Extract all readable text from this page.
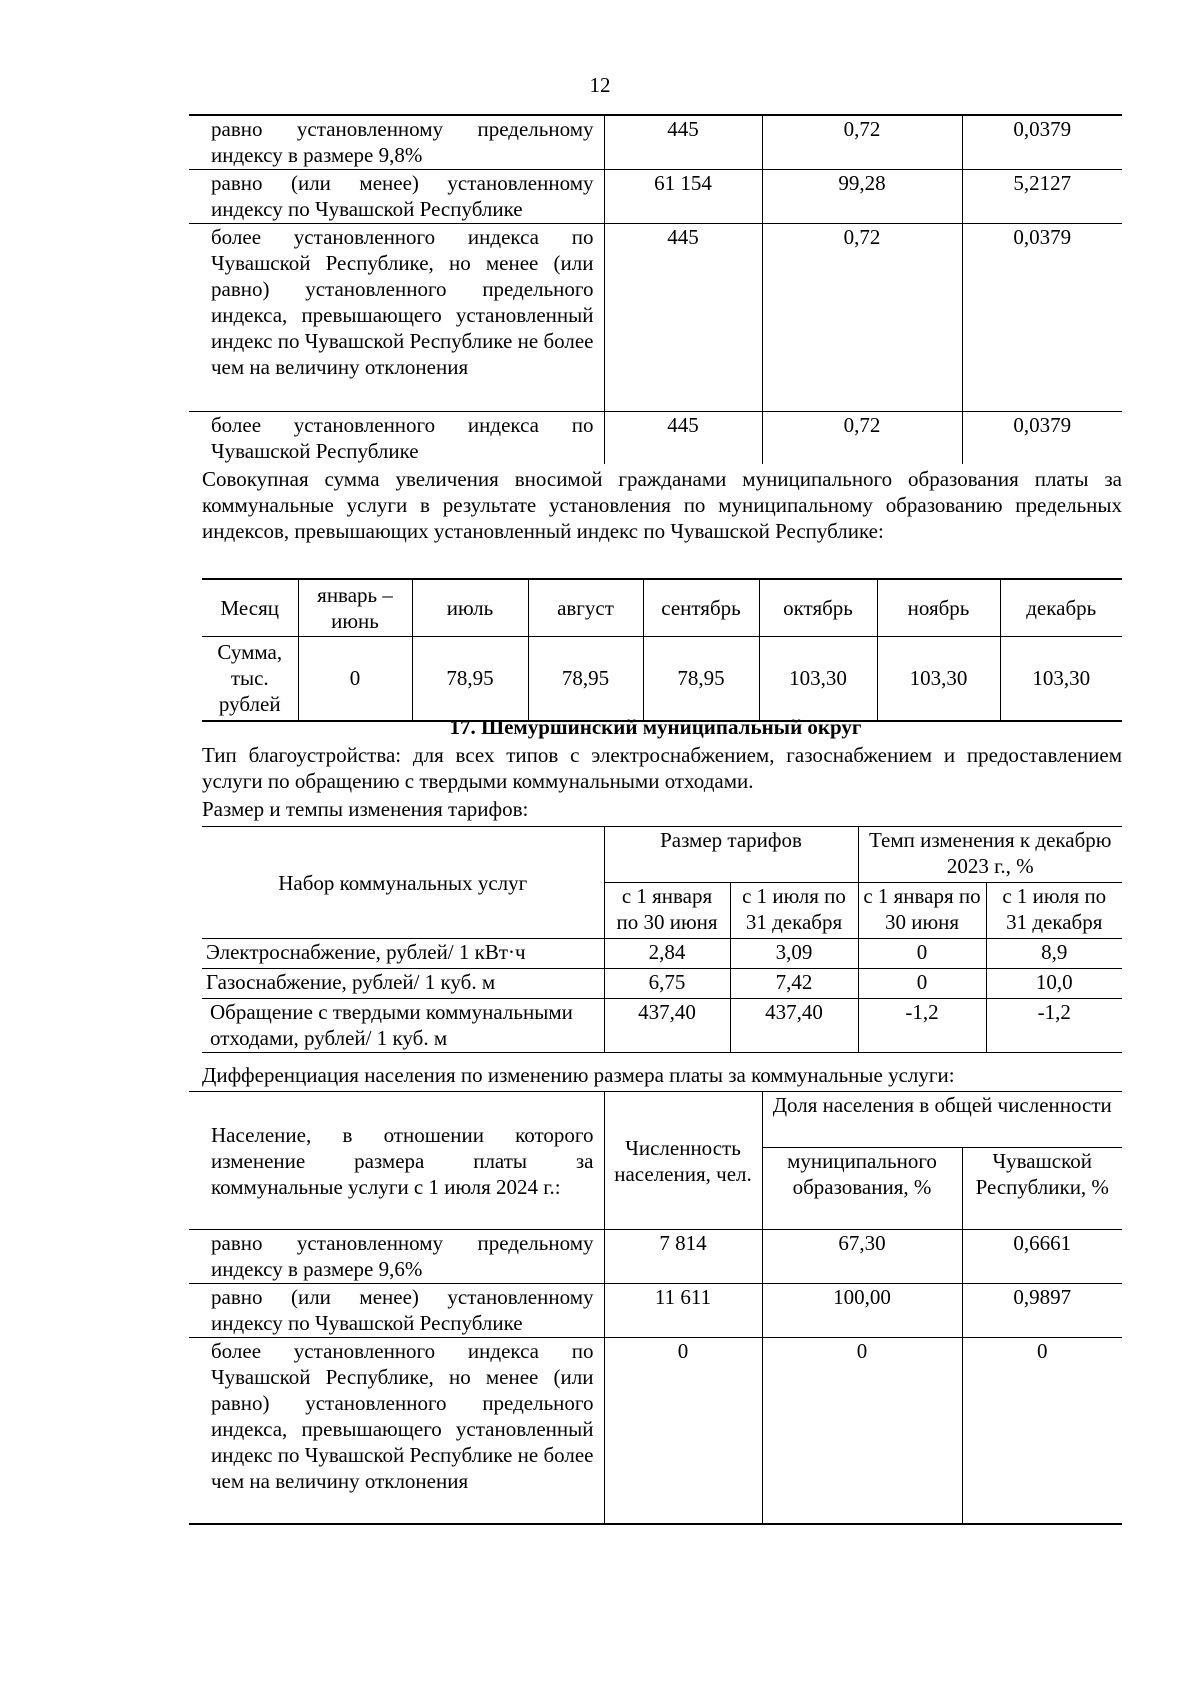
12
равно установленному предельному индексу в размере 9,8%	445	0,72	0,0379
равно (или менее) установленному индексу по Чувашской Республике	61 154	99,28	5,2127
более установленного индекса по Чувашской Республике, но менее (или равно) установленного предельного индекса, превышающего установленный индекс по Чувашской Республике не более чем на величину отклонения	445	0,72	0,0379
более установленного индекса по Чувашской Республике	445	0,72	0,0379
Совокупная сумма увеличения вносимой гражданами муниципального образования платы за коммунальные услуги в результате установления по муниципальному образованию предельных индексов, превышающих установленный индекс по Чувашской Республике:
Месяц	январь – июнь	июль	август	сентябрь	октябрь	ноябрь	декабрь
Сумма, тыс. рублей	0	78,95	78,95	78,95	103,30	103,30	103,30
17. Шемуршинский муниципальный округ
Тип благоустройства: для всех типов с электроснабжением, газоснабжением и предоставлением услуги по обращению с твердыми коммунальными отходами.
Размер и темпы изменения тарифов:
Набор коммунальных услуг	Размер тарифов		Темп изменения к декабрю 2023 г., %	
	с 1 января по 30 июня	с 1 июля по 31 декабря	с 1 января по 30 июня	с 1 июля по 31 декабря
Электроснабжение, рублей/ 1 кВт·ч	2,84	3,09	0	8,9
Газоснабжение, рублей/ 1 куб. м	6,75	7,42	0	10,0
Обращение с твердыми коммунальными отходами, рублей/ 1 куб. м	437,40	437,40	-1,2	-1,2
Дифференциация населения по изменению размера платы за коммунальные услуги:
Население, в отношении которого изменение размера платы за коммунальные услуги с 1 июля 2024 г.:	Численность населения, чел.	Доля населения в общей численности	
		муниципального образования, %	Чувашской Республики, %
равно установленному предельному индексу в размере 9,6%	7 814	67,30	0,6661
равно (или менее) установленному индексу по Чувашской Республике	11 611	100,00	0,9897
более установленного индекса по Чувашской Республике, но менее (или равно) установленного предельного индекса, превышающего установленный индекс по Чувашской Республике не более чем на величину отклонения	0	0	0
